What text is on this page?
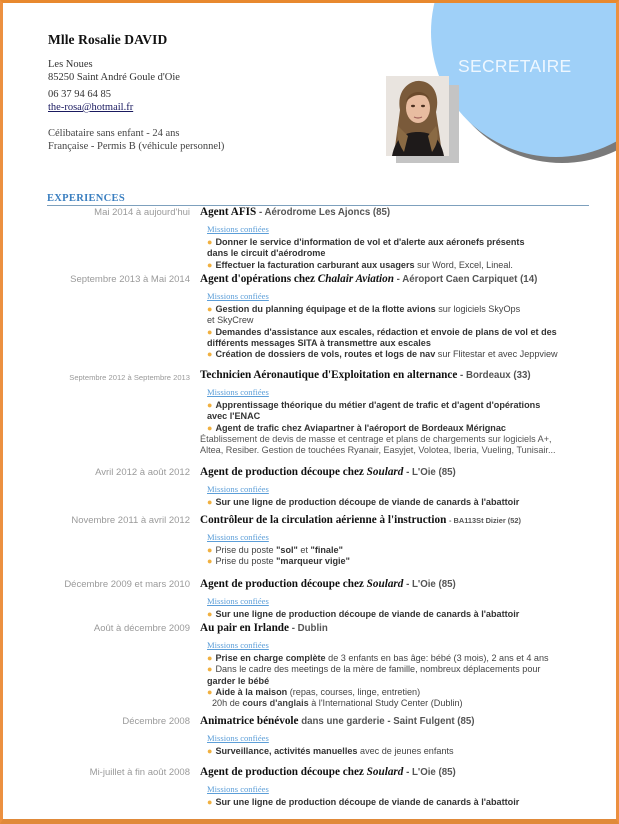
SECRETAIRE
Mlle Rosalie DAVID
Les Noues
85250 Saint André Goule d'Oie
06 37 94 64 85
the-rosa@hotmail.fr
Célibataire sans enfant - 24 ans
Française - Permis B (véhicule personnel)
EXPERIENCES
Mai 2014 à aujourd'hui Agent AFIS - Aérodrome Les Ajoncs (85)
Missions confiées
● Donner le service d'information de vol et d'alerte aux aéronefs présents
dans le circuit d'aérodrome
● Effectuer la facturation carburant aux usagers sur Word, Excel, Lineal.
Septembre 2013 à Mai 2014 Agent d'opérations chez Chalair Aviation - Aéroport Caen Carpiquet (14)
Missions confiées
● Gestion du planning équipage et de la flotte avions sur logiciels SkyOps
et SkyCrew
● Demandes d'assistance aux escales, rédaction et envoie de plans de vol et des
différents messages SITA à transmettre aux escales
● Création de dossiers de vols, routes et logs de nav sur Flitestar et avec Jeppview
Septembre 2012 à Septembre 2013 Technicien Aéronautique d'Exploitation en alternance - Bordeaux (33)
Missions confiées
● Apprentissage théorique du métier d'agent de trafic et d'agent d'opérations
avec l'ENAC
● Agent de trafic chez Aviapartner à l'aéroport de Bordeaux Mérignac
Établissement de devis de masse et centrage et plans de chargements sur logiciels A+,
Altea, Resiber. Gestion de touchées Ryanair, Easyjet, Volotea, Iberia, Vueling, Tunisair...
Avril 2012 à août 2012 Agent de production découpe chez Soulard - L'Oie (85)
Missions confiées
● Sur une ligne de production découpe de viande de canards à l'abattoir
Novembre 2011 à avril 2012 Contrôleur de la circulation aérienne à l'instruction - BA113St Dizier (52)
Missions confiées
● Prise du poste "sol" et "finale"
● Prise du poste "marqueur vigie"
Décembre 2009 et mars 2010 Agent de production découpe chez Soulard - L'Oie (85)
Missions confiées
● Sur une ligne de production découpe de viande de canards à l'abattoir
Août à décembre 2009 Au pair en Irlande - Dublin
Missions confiées
● Prise en charge complète de 3 enfants en bas âge: bébé (3 mois), 2 ans et 4 ans
● Dans le cadre des meetings de la mère de famille, nombreux déplacements pour
garder le bébé
● Aide à la maison (repas, courses, linge, entretien)
20h de cours d'anglais à l'International Study Center (Dublin)
Décembre 2008 Animatrice bénévole dans une garderie - Saint Fulgent (85)
Missions confiées
● Surveillance, activités manuelles avec de jeunes enfants
Mi-juillet à fin août 2008 Agent de production découpe chez Soulard - L'Oie (85)
Missions confiées
● Sur une ligne de production découpe de viande de canards à l'abattoir
